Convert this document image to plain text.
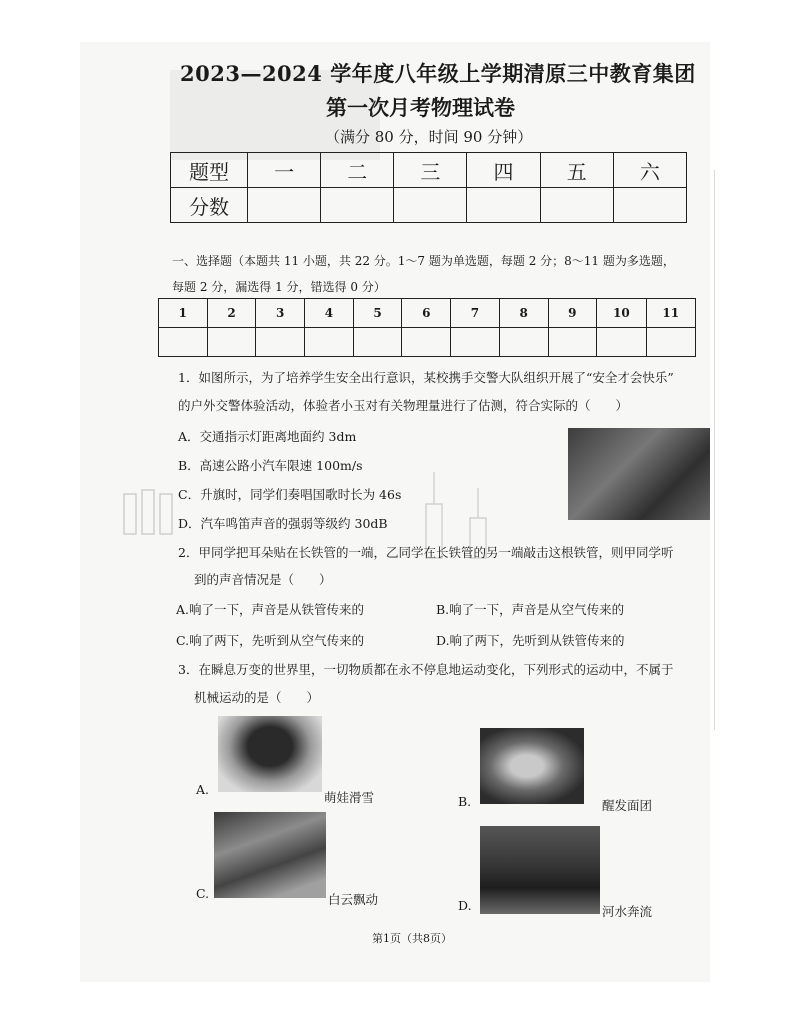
2023—2024 学年度八年级上学期清原三中教育集团
第一次月考物理试卷
（满分 80 分，时间 90 分钟）
题型	一	二	三	四	五	六
分数						
一、选择题（本题共 11 小题，共 22 分。1～7 题为单选题，每题 2 分；8～11 题为多选题，
每题 2 分，漏选得 1 分，错选得 0 分）
1	2	3	4	5	6	7	8	9	10	11

1．如图所示，为了培养学生安全出行意识，某校携手交警大队组织开展了“安全才会快乐”
的户外交警体验活动，体验者小玉对有关物理量进行了估测，符合实际的（　　）
A．交通指示灯距离地面约 3dm
B．高速公路小汽车限速 100m/s
C．升旗时，同学们奏唱国歌时长为 46s
D．汽车鸣笛声音的强弱等级约 30dB
2．甲同学把耳朵贴在长铁管的一端，乙同学在长铁管的另一端敲击这根铁管，则甲同学听
到的声音情况是（　　）
A.响了一下，声音是从铁管传来的	B.响了一下，声音是从空气传来的
C.响了两下，先听到从空气传来的	D.响了两下，先听到从铁管传来的
3．在瞬息万变的世界里，一切物质都在永不停息地运动变化，下列形式的运动中，不属于
机械运动的是（　　）
A.
萌娃滑雪	B.	醒发面团
C.	白云飘动	D.	河水奔流
第1页（共8页）
